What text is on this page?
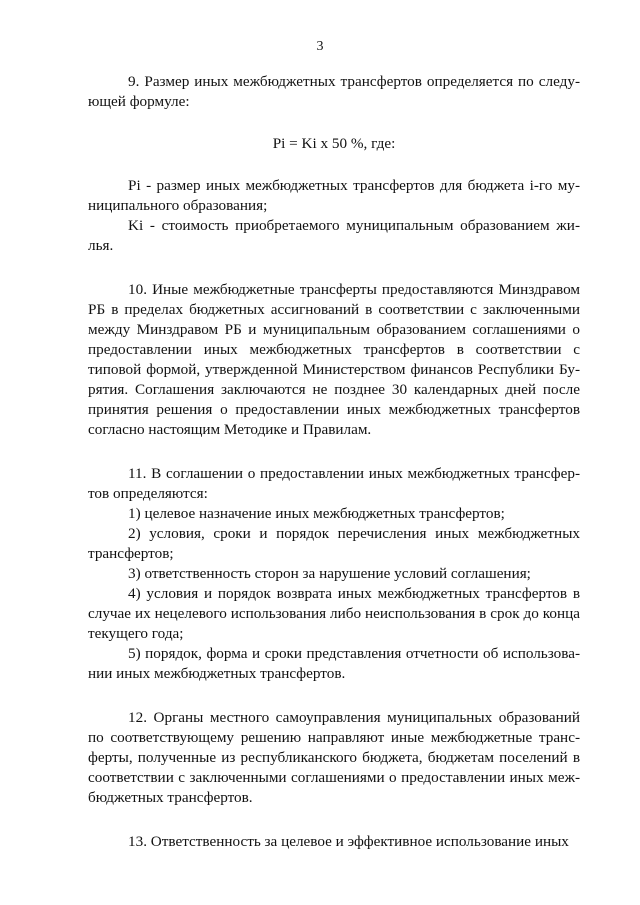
3

9. Размер иных межбюджетных трансфертов определяется по следующей формуле:

Pi = Ki x 50 %, где:

Pi - размер иных межбюджетных трансфертов для бюджета i-го муниципального образования;

Ki - стоимость приобретаемого муниципальным образованием жилья.

10. Иные межбюджетные трансферты предоставляются Минздравом РБ в пределах бюджетных ассигнований в соответствии с заключенными между Минздравом РБ и муниципальным образованием соглашениями о предоставлении иных межбюджетных трансфертов в соответствии с типовой формой, утвержденной Министерством финансов Республики Бурятия. Соглашения заключаются не позднее 30 календарных дней после принятия решения о предоставлении иных межбюджетных трансфертов согласно настоящим Методике и Правилам.

11. В соглашении о предоставлении иных межбюджетных трансфертов определяются:

1) целевое назначение иных межбюджетных трансфертов;

2) условия, сроки и порядок перечисления иных межбюджетных трансфертов;

3) ответственность сторон за нарушение условий соглашения;

4) условия и порядок возврата иных межбюджетных трансфертов в случае их нецелевого использования либо неиспользования в срок до конца текущего года;

5) порядок, форма и сроки представления отчетности об использовании иных межбюджетных трансфертов.

12. Органы местного самоуправления муниципальных образований по соответствующему решению направляют иные межбюджетные трансферты, полученные из республиканского бюджета, бюджетам поселений в соответствии с заключенными соглашениями о предоставлении иных межбюджетных трансфертов.

13. Ответственность за целевое и эффективное использование иных
